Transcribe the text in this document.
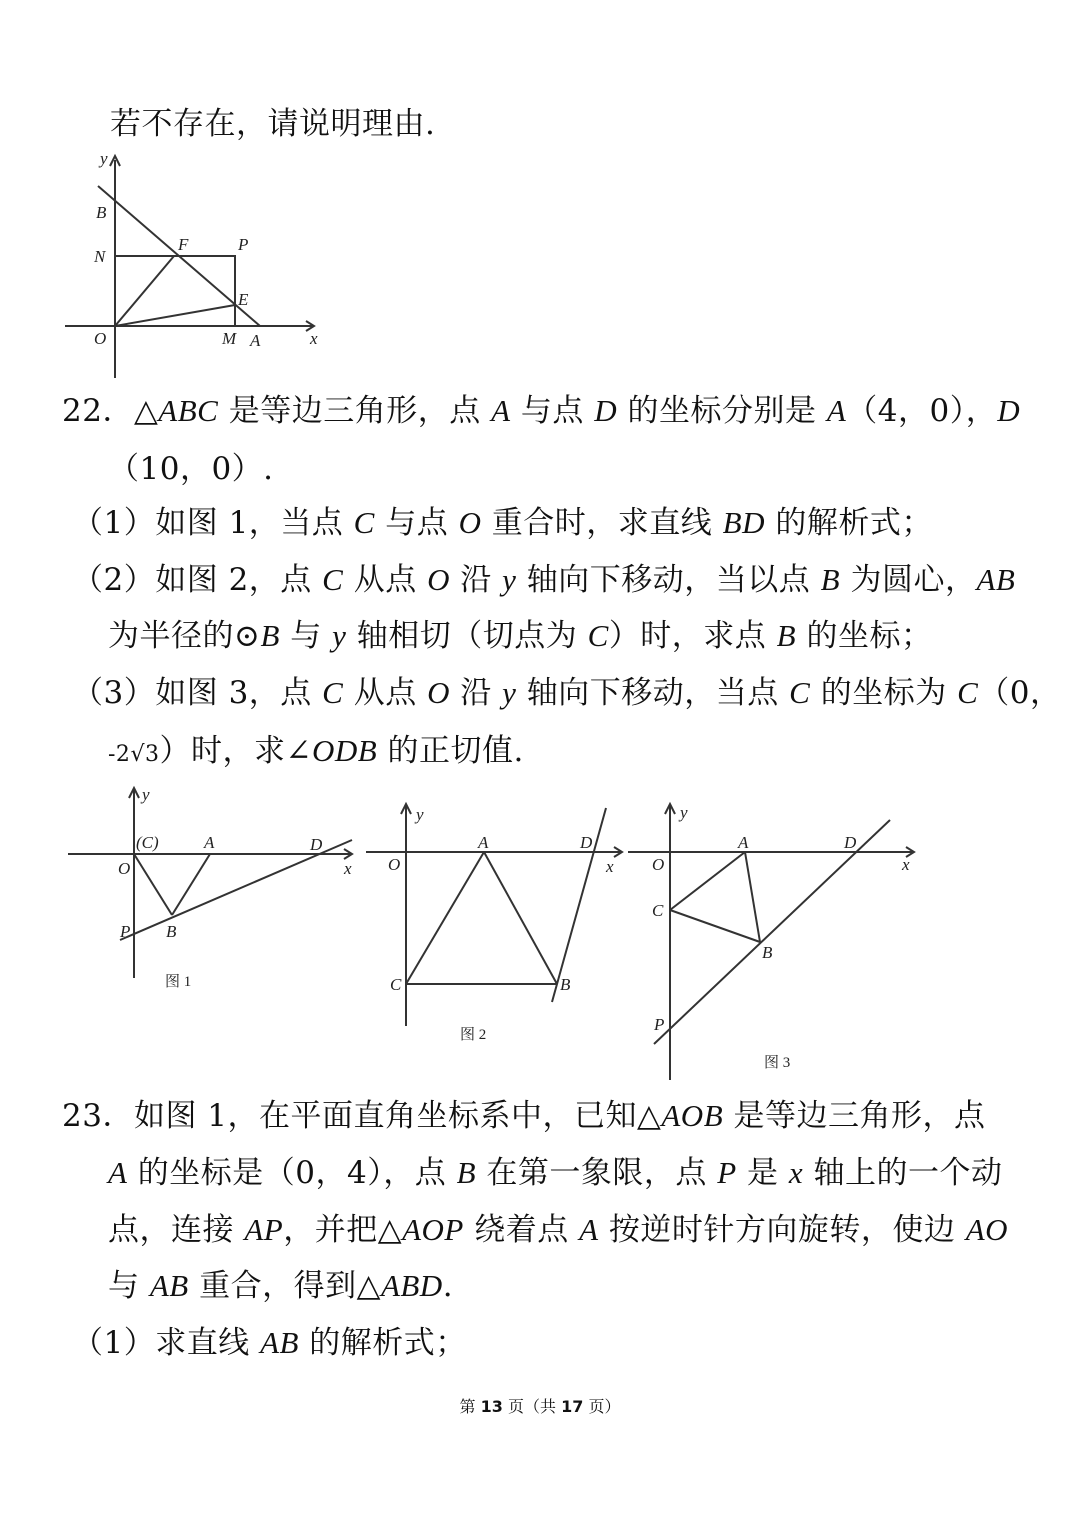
若不存在，请说明理由.
y
B
N
F	P
E
O	M A	x
22．△ABC 是等边三角形，点 A 与点 D 的坐标分别是 A（4，0），D
（10，0）.
（1）如图 1，当点 C 与点 O 重合时，求直线 BD 的解析式；
（2）如图 2，点 C 从点 O 沿 y 轴向下移动，当以点 B 为圆心，AB
为半径的⊙B 与 y 轴相切（切点为 C）时，求点 B 的坐标；
（3）如图 3，点 C 从点 O 沿 y 轴向下移动，当点 C 的坐标为 C（0，
-2√3）时，求∠ODB 的正切值.
y
(C)	A	D
O	x
P B
图 1
y
A	D
O	x
C	B
图 2
y
A	D
O	x
C
B
P
图 3
23．如图 1，在平面直角坐标系中，已知△AOB 是等边三角形，点
A 的坐标是（0，4），点 B 在第一象限，点 P 是 x 轴上的一个动
点，连接 AP，并把△AOP 绕着点 A 按逆时针方向旋转，使边 AO
与 AB 重合，得到△ABD.
（1）求直线 AB 的解析式；
第 13 页（共 17 页）
